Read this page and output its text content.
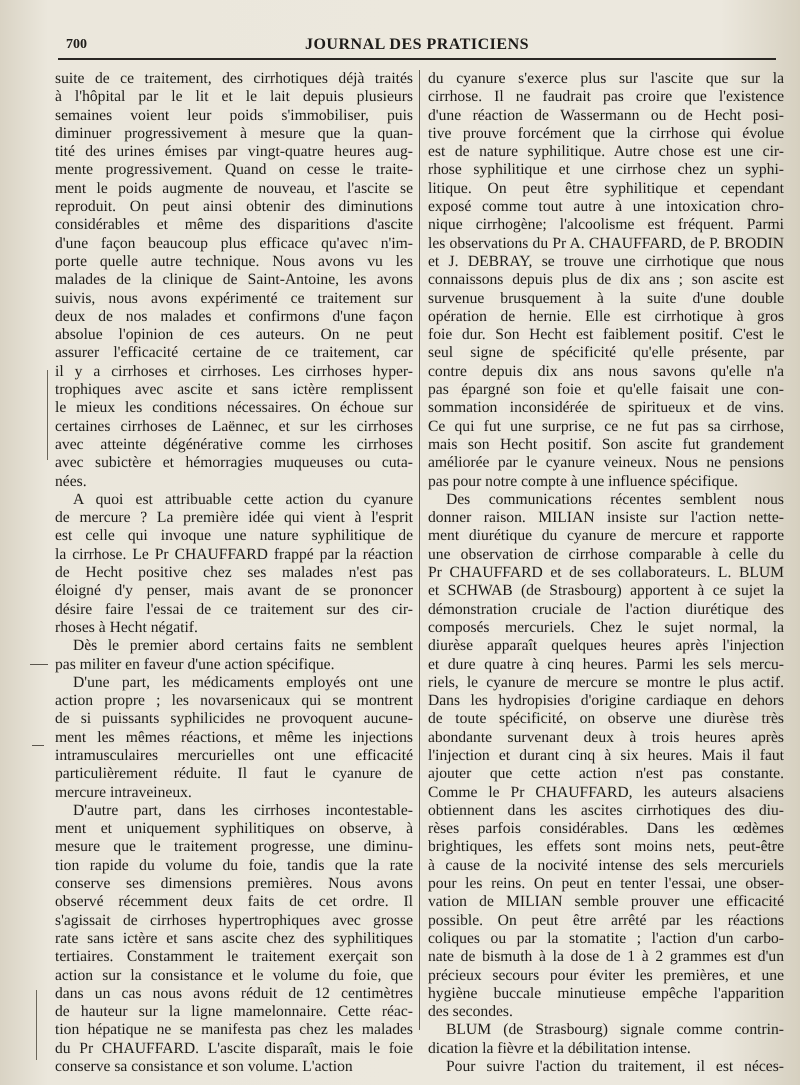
700	JOURNAL DES PRATICIENS
suite de ce traitement, des cirrhotiques déjà traités
à l'hôpital par le lit et le lait depuis plusieurs
semaines voient leur poids s'immobiliser, puis
diminuer progressivement à mesure que la quan-
tité des urines émises par vingt-quatre heures aug-
mente progressivement. Quand on cesse le traite-
ment le poids augmente de nouveau, et l'ascite se
reproduit. On peut ainsi obtenir des diminutions
considérables et même des disparitions d'ascite
d'une façon beaucoup plus efficace qu'avec n'im-
porte quelle autre technique. Nous avons vu les
malades de la clinique de Saint-Antoine, les avons
suivis, nous avons expérimenté ce traitement sur
deux de nos malades et confirmons d'une façon
absolue l'opinion de ces auteurs. On ne peut
assurer l'efficacité certaine de ce traitement, car
il y a cirrhoses et cirrhoses. Les cirrhoses hyper-
trophiques avec ascite et sans ictère remplissent
le mieux les conditions nécessaires. On échoue sur
certaines cirrhoses de Laënnec, et sur les cirrhoses
avec atteinte dégénérative comme les cirrhoses
avec subictère et hémorragies muqueuses ou cuta-
nées.
A quoi est attribuable cette action du cyanure
de mercure ? La première idée qui vient à l'esprit
est celle qui invoque une nature syphilitique de
la cirrhose. Le Pr CHAUFFARD frappé par la réaction
de Hecht positive chez ses malades n'est pas
éloigné d'y penser, mais avant de se prononcer
désire faire l'essai de ce traitement sur des cir-
rhoses à Hecht négatif.
Dès le premier abord certains faits ne semblent
pas militer en faveur d'une action spécifique.
D'une part, les médicaments employés ont une
action propre ; les novarsenicaux qui se montrent
de si puissants syphilicides ne provoquent aucune-
ment les mêmes réactions, et même les injections
intramusculaires mercurielles ont une efficacité
particulièrement réduite. Il faut le cyanure de
mercure intraveineux.
D'autre part, dans les cirrhoses incontestable-
ment et uniquement syphilitiques on observe, à
mesure que le traitement progresse, une diminu-
tion rapide du volume du foie, tandis que la rate
conserve ses dimensions premières. Nous avons
observé récemment deux faits de cet ordre. Il
s'agissait de cirrhoses hypertrophiques avec grosse
rate sans ictère et sans ascite chez des syphilitiques
tertiaires. Constamment le traitement exerçait son
action sur la consistance et le volume du foie, que
dans un cas nous avons réduit de 12 centimètres
de hauteur sur la ligne mamelonnaire. Cette réac-
tion hépatique ne se manifesta pas chez les malades
du Pr CHAUFFARD. L'ascite disparaît, mais le foie
conserve sa consistance et son volume. L'action
du cyanure s'exerce plus sur l'ascite que sur la
cirrhose. Il ne faudrait pas croire que l'existence
d'une réaction de Wassermann ou de Hecht posi-
tive prouve forcément que la cirrhose qui évolue
est de nature syphilitique. Autre chose est une cir-
rhose syphilitique et une cirrhose chez un syphi-
litique. On peut être syphilitique et cependant
exposé comme tout autre à une intoxication chro-
nique cirrhogène; l'alcoolisme est fréquent. Parmi
les observations du Pr A. CHAUFFARD, de P. BRODIN
et J. DEBRAY, se trouve une cirrhotique que nous
connaissons depuis plus de dix ans ; son ascite est
survenue brusquement à la suite d'une double
opération de hernie. Elle est cirrhotique à gros
foie dur. Son Hecht est faiblement positif. C'est le
seul signe de spécificité qu'elle présente, par
contre depuis dix ans nous savons qu'elle n'a
pas épargné son foie et qu'elle faisait une con-
sommation inconsidérée de spiritueux et de vins.
Ce qui fut une surprise, ce ne fut pas sa cirrhose,
mais son Hecht positif. Son ascite fut grandement
améliorée par le cyanure veineux. Nous ne pensions
pas pour notre compte à une influence spécifique.
Des communications récentes semblent nous
donner raison. MILIAN insiste sur l'action nette-
ment diurétique du cyanure de mercure et rapporte
une observation de cirrhose comparable à celle du
Pr CHAUFFARD et de ses collaborateurs. L. BLUM
et SCHWAB (de Strasbourg) apportent à ce sujet la
démonstration cruciale de l'action diurétique des
composés mercuriels. Chez le sujet normal, la
diurèse apparaît quelques heures après l'injection
et dure quatre à cinq heures. Parmi les sels mercu-
riels, le cyanure de mercure se montre le plus actif.
Dans les hydropisies d'origine cardiaque en dehors
de toute spécificité, on observe une diurèse très
abondante survenant deux à trois heures après
l'injection et durant cinq à six heures. Mais il faut
ajouter que cette action n'est pas constante.
Comme le Pr CHAUFFARD, les auteurs alsaciens
obtiennent dans les ascites cirrhotiques des diu-
rèses parfois considérables. Dans les œdèmes
brightiques, les effets sont moins nets, peut-être
à cause de la nocivité intense des sels mercuriels
pour les reins. On peut en tenter l'essai, une obser-
vation de MILIAN semble prouver une efficacité
possible. On peut être arrêté par les réactions
coliques ou par la stomatite ; l'action d'un carbo-
nate de bismuth à la dose de 1 à 2 grammes est d'un
précieux secours pour éviter les premières, et une
hygiène buccale minutieuse empêche l'apparition
des secondes.
BLUM (de Strasbourg) signale comme contrin-
dication la fièvre et la débilitation intense.
Pour suivre l'action du traitement, il est néces-
